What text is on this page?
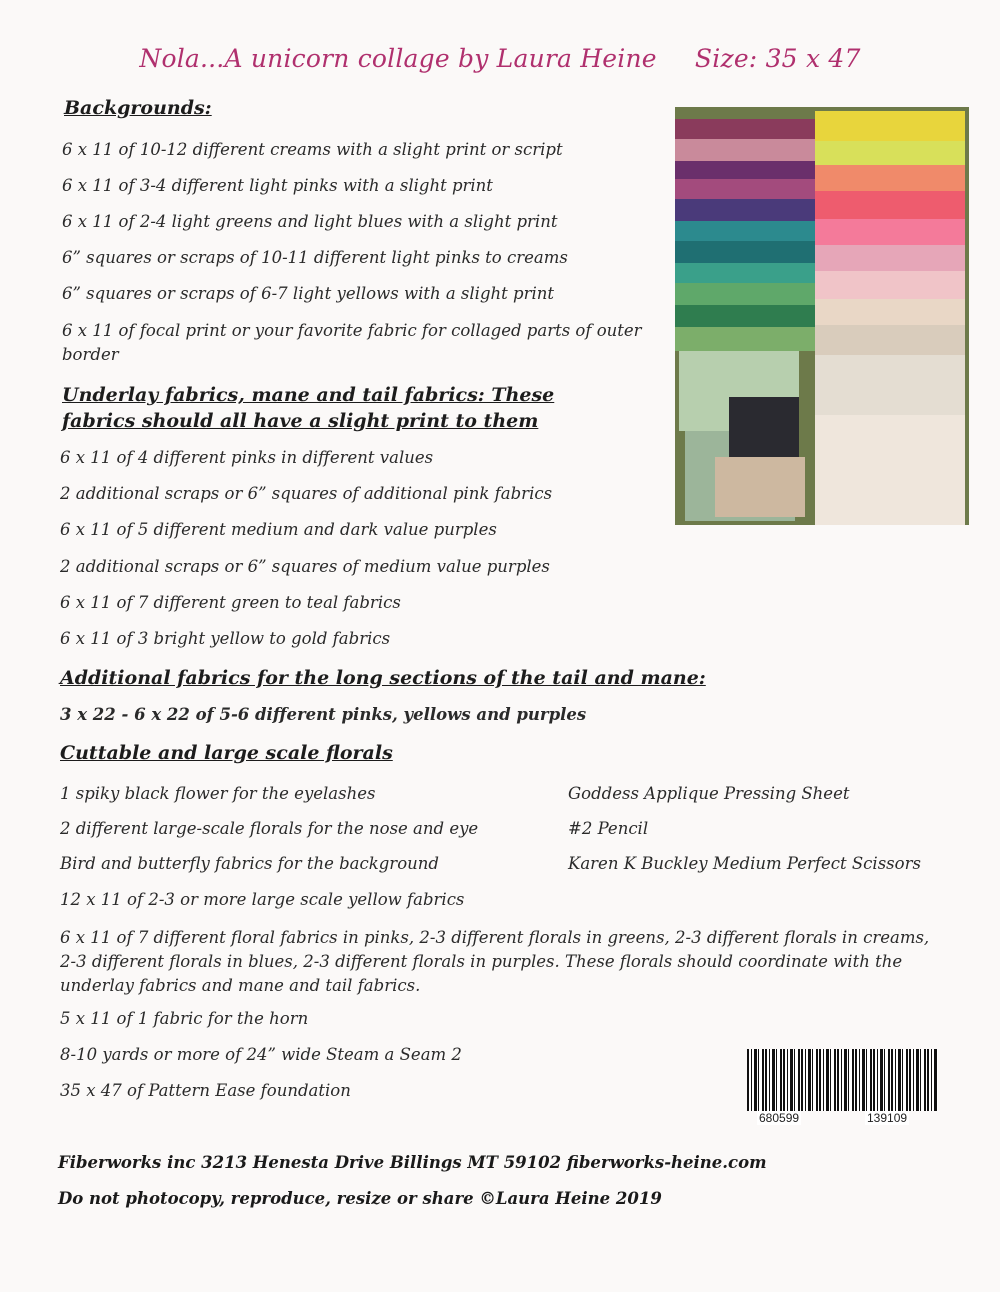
Nola...A unicorn collage by Laura Heine Size: 35 x 47
Backgrounds:
6 x 11 of 10-12 different creams with a slight print or script
6 x 11 of 3-4 different light pinks with a slight print
6 x 11 of 2-4 light greens and light blues with a slight print
6” squares or scraps of 10-11 different light pinks to creams
6” squares or scraps of 6-7 light yellows with a slight print
6 x 11 of focal print or your favorite fabric for collaged parts of outer border
Underlay fabrics, mane and tail fabrics: These fabrics should all have a slight print to them
6 x 11 of 4 different pinks in different values
2 additional scraps or 6” squares of additional pink fabrics
6 x 11 of 5 different medium and dark value purples
2 additional scraps or 6” squares of medium value purples
6 x 11 of 7 different green to teal fabrics
6 x 11 of 3 bright yellow to gold fabrics
Additional fabrics for the long sections of the tail and mane:
3 x 22 - 6 x 22 of 5-6 different pinks, yellows and purples
Cuttable and large scale florals
1 spiky black flower for the eyelashes
2 different large-scale florals for the nose and eye
Bird and butterfly fabrics for the background
12 x 11 of 2-3 or more large scale yellow fabrics
6 x 11 of 7 different floral fabrics in pinks, 2-3 different florals in greens, 2-3 different florals in creams, 2-3 different florals in blues, 2-3 different florals in purples. These florals should coordinate with the underlay fabrics and mane and tail fabrics.
5 x 11 of 1 fabric for the horn
8-10 yards or more of 24” wide Steam a Seam 2
35 x 47 of Pattern Ease foundation
Goddess Applique Pressing Sheet
#2 Pencil
Karen K Buckley Medium Perfect Scissors
680599	139109
Fiberworks inc 3213 Henesta Drive Billings MT 59102 fiberworks-heine.com
Do not photocopy, reproduce, resize or share ©Laura Heine 2019
